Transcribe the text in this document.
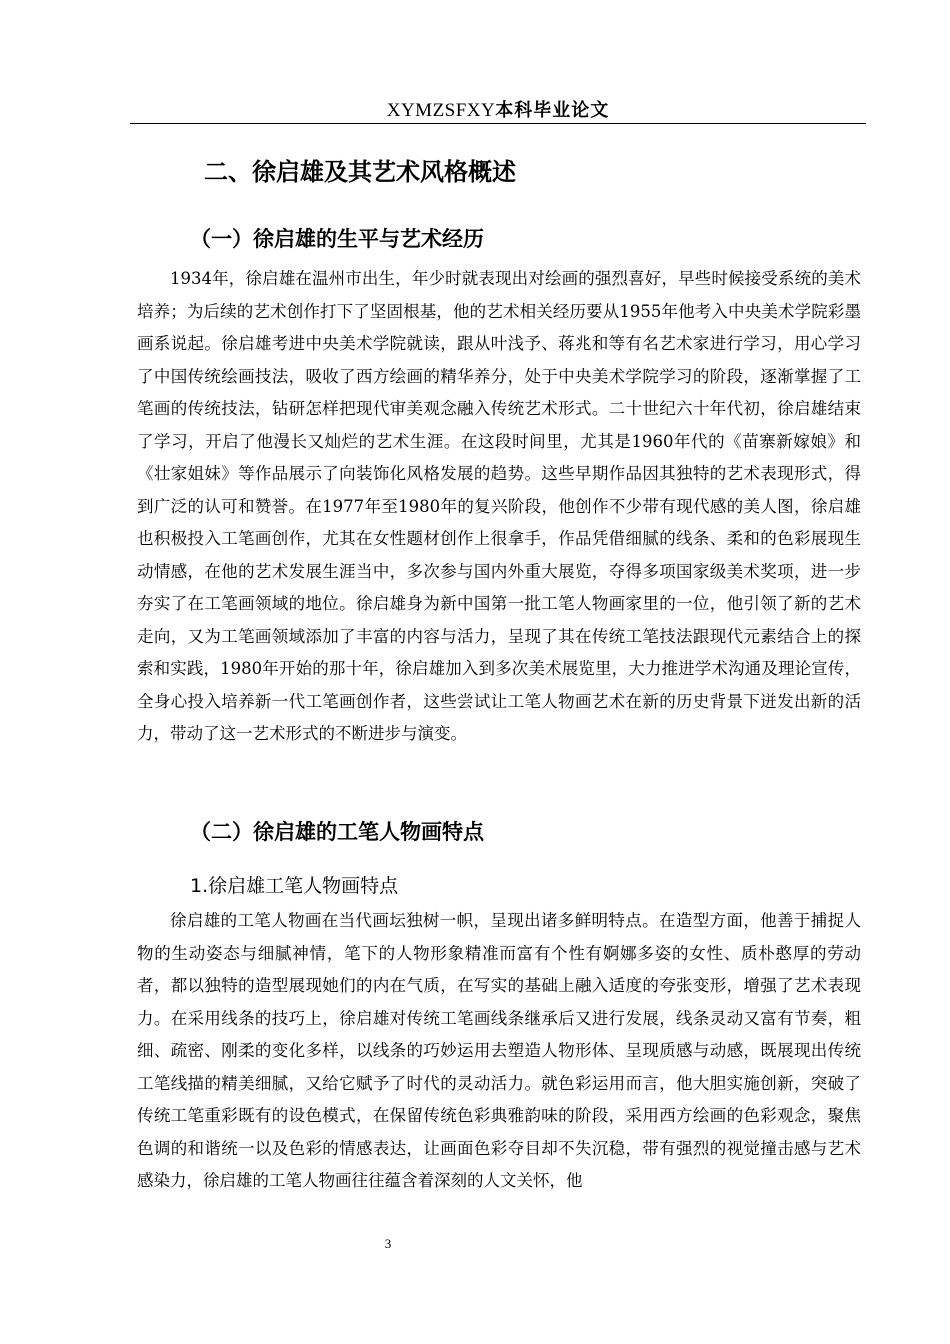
XYMZSFXY本科毕业论文
二、徐启雄及其艺术风格概述
（一）徐启雄的生平与艺术经历

1934年，徐启雄在温州市出生，年少时就表现出对绘画的强烈喜好，早些时候接受系统的美术培养；为后续的艺术创作打下了坚固根基，他的艺术相关经历要从1955年他考入中央美术学院彩墨画系说起。徐启雄考进中央美术学院就读，跟从叶浅予、蒋兆和等有名艺术家进行学习，用心学习了中国传统绘画技法，吸收了西方绘画的精华养分，处于中央美术学院学习的阶段，逐渐掌握了工笔画的传统技法，钻研怎样把现代审美观念融入传统艺术形式。二十世纪六十年代初，徐启雄结束了学习，开启了他漫长又灿烂的艺术生涯。在这段时间里，尤其是1960年代的《苗寨新嫁娘》和《壮家姐妹》等作品展示了向装饰化风格发展的趋势。这些早期作品因其独特的艺术表现形式，得到广泛的认可和赞誉。在1977年至1980年的复兴阶段，他创作不少带有现代感的美人图，徐启雄也积极投入工笔画创作，尤其在女性题材创作上很拿手，作品凭借细腻的线条、柔和的色彩展现生动情感，在他的艺术发展生涯当中，多次参与国内外重大展览，夺得多项国家级美术奖项，进一步夯实了在工笔画领域的地位。徐启雄身为新中国第一批工笔人物画家里的一位，他引领了新的艺术走向，又为工笔画领域添加了丰富的内容与活力，呈现了其在传统工笔技法跟现代元素结合上的探索和实践，1980年开始的那十年，徐启雄加入到多次美术展览里，大力推进学术沟通及理论宣传，全身心投入培养新一代工笔画创作者，这些尝试让工笔人物画艺术在新的历史背景下迸发出新的活力，带动了这一艺术形式的不断进步与演变。

（二）徐启雄的工笔人物画特点
1.徐启雄工笔人物画特点

徐启雄的工笔人物画在当代画坛独树一帜，呈现出诸多鲜明特点。在造型方面，他善于捕捉人物的生动姿态与细腻神情，笔下的人物形象精准而富有个性有婀娜多姿的女性、质朴憨厚的劳动者，都以独特的造型展现她们的内在气质，在写实的基础上融入适度的夸张变形，增强了艺术表现力。在采用线条的技巧上，徐启雄对传统工笔画线条继承后又进行发展，线条灵动又富有节奏，粗细、疏密、刚柔的变化多样，以线条的巧妙运用去塑造人物形体、呈现质感与动感，既展现出传统工笔线描的精美细腻，又给它赋予了时代的灵动活力。就色彩运用而言，他大胆实施创新，突破了传统工笔重彩既有的设色模式，在保留传统色彩典雅韵味的阶段，采用西方绘画的色彩观念，聚焦色调的和谐统一以及色彩的情感表达，让画面色彩夺目却不失沉稳，带有强烈的视觉撞击感与艺术感染力，徐启雄的工笔人物画往往蕴含着深刻的人文关怀，他

3
